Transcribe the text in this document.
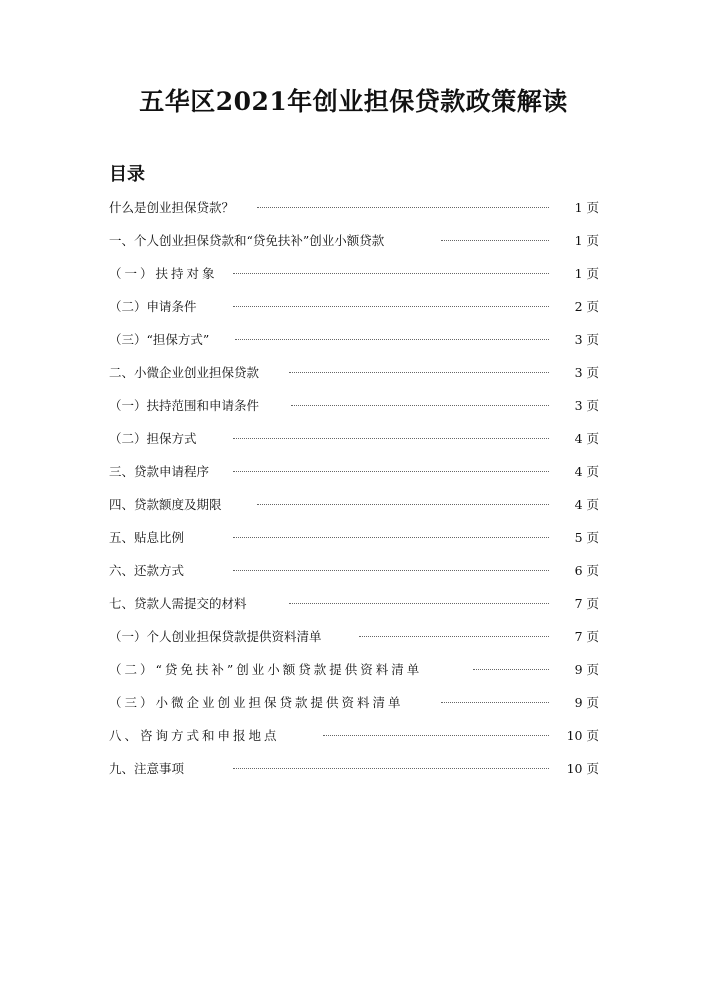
五华区2021年创业担保贷款政策解读
目录
什么是创业担保贷款？	1 页
一、个人创业担保贷款和“贷免扶补”创业小额贷款	1 页
（一）扶持对象	1 页
（二）申请条件	2 页
（三）“担保方式”	3 页
二、小微企业创业担保贷款	3 页
（一）扶持范围和申请条件	3 页
（二）担保方式	4 页
三、贷款申请程序	4 页
四、贷款额度及期限	4 页
五、贴息比例	5 页
六、还款方式	6 页
七、贷款人需提交的材料	7 页
（一）个人创业担保贷款提供资料清单	7 页
（二）“贷免扶补”创业小额贷款提供资料清单	9 页
（三）小微企业创业担保贷款提供资料清单	9 页
八、咨询方式和申报地点	10 页
九、注意事项	10 页
